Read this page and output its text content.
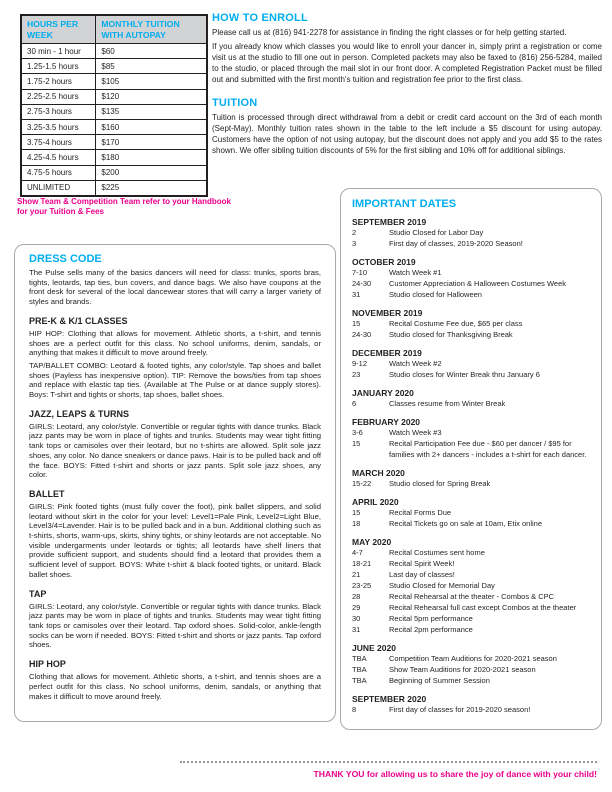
HOURS PER WEEK	MONTHLY TUITION WITH AUTOPAY
30 min - 1 hour	$60
1.25-1.5 hours	$85
1.75-2 hours	$105
2.25-2.5 hours	$120
2.75-3 hours	$135
3.25-3.5 hours	$160
3.75-4 hours	$170
4.25-4.5 hours	$180
4.75-5 hours	$200
UNLIMITED	$225
Show Team & Competition Team refer to your Handbook for your Tuition & Fees
HOW TO ENROLL

Please call us at (816) 941-2278 for assistance in finding the right classes or for help getting started.

If you already know which classes you would like to enroll your dancer in, simply print a registration or come visit us at the studio to fill one out in person. Completed packets may also be faxed to (816) 256-5284, mailed to the studio, or placed through the mail slot in our front door. A completed Registration Packet must be filled out and submitted with the first month's tuition and registration fee prior to the first class.

TUITION

Tuition is processed through direct withdrawal from a debit or credit card account on the 3rd of each month (Sept-May). Monthly tuition rates shown in the table to the left include a $5 discount for using autopay. Customers have the option of not using autopay, but the discount does not apply and you add $5 to the rates shown. We offer sibling tuition discounts of 5% for the first sibling and 10% off for additional siblings.

IMPORTANT DATES
SEPTEMBER 2019
2	Studio Closed for Labor Day
3	First day of classes, 2019-2020 Season!
OCTOBER 2019
7-10	Watch Week #1
24-30	Customer Appreciation & Halloween Costumes Week
31	Studio closed for Halloween
NOVEMBER 2019
15	Recital Costume Fee due, $65 per class
24-30	Studio closed for Thanksgiving Break
DECEMBER 2019
9-12	Watch Week #2
23	Studio closes for Winter Break thru January 6
JANUARY 2020
6	Classes resume from Winter Break
FEBRUARY 2020
3-6	Watch Week #3
15	Recital Participation Fee due - $60 per dancer / $95 for families with 2+ dancers - includes a t-shirt for each dancer.
MARCH 2020
15-22	Studio closed for Spring Break
APRIL 2020
15	Recital Forms Due
18	Recital Tickets go on sale at 10am, Etix online
MAY 2020
4-7	Recital Costumes sent home
18-21	Recital Spirit Week!
21	Last day of classes!
23-25	Studio Closed for Memorial Day
28	Recital Rehearsal at the theater - Combos & CPC
29	Recital Rehearsal full cast except Combos at the theater
30	Recital 5pm performance
31	Recital 2pm performance
JUNE 2020
TBA	Competition Team Auditions for 2020-2021 season
TBA	Show Team Auditions for 2020-2021 season
TBA	Beginning of Summer Session
SEPTEMBER 2020
8	First day of classes for 2019-2020 season!
DRESS CODE

The Pulse sells many of the basics dancers will need for class: trunks, sports bras, tights, leotards, tap ties, bun covers, and dance bags. We also have coupons at the front desk for several of the local dancewear stores that will carry a larger variety of styles and brands.

PRE-K & K/1 CLASSES

HIP HOP: Clothing that allows for movement. Athletic shorts, a t-shirt, and tennis shoes are a perfect outfit for this class. No school uniforms, denim, sandals, or anything that makes it difficult to move around freely.

TAP/BALLET COMBO: Leotard & footed tights, any color/style. Tap shoes and ballet shoes (Payless has inexpensive option). TIP: Remove the bows/ties from tap shoes and replace with elastic tap ties. (Available at The Pulse or at dance supply stores). Boys: T-shirt and tights or shorts, tap shoes, ballet shoes.

JAZZ, LEAPS & TURNS

GIRLS: Leotard, any color/style. Convertible or regular tights with dance trunks. Black jazz pants may be worn in place of tights and trunks. Students may wear tight fitting tank tops or camisoles over their leotard, but no t-shirts are allowed. Split sole jazz shoes, any color. No dance sneakers or dance paws. Hair is to be pulled back and off the face. BOYS: Fitted t-shirt and shorts or jazz pants. Split sole jazz shoes, any color.

BALLET

GIRLS: Pink footed tights (must fully cover the foot), pink ballet slippers, and solid leotard without skirt in the color for your level: Level1=Pale Pink, Level2=Light Blue, Level3/4=Lavender. Hair is to be pulled back and in a bun. Additional clothing such as t-shirts, shorts, warm-ups, skirts, shiny tights, or shiny leotards are not acceptable. No visible undergarments under leotards or tights; all leotards have shelf liners that provide sufficient support, and students should find a leotard that provides them a sufficient level of support. BOYS: White t-shirt & black footed tights, or unitard. Black ballet shoes.

TAP

GIRLS: Leotard, any color/style. Convertible or regular tights with dance trunks. Black jazz pants may be worn in place of tights and trunks. Students may wear tight fitting tank tops or camisoles over their leotard. Tap oxford shoes. Solid-color, ankle-length socks can be worn if needed. BOYS: Fitted t-shirt and shorts or jazz pants. Tap oxford shoes.

HIP HOP

Clothing that allows for movement. Athletic shorts, a t-shirt, and tennis shoes are a perfect outfit for this class. No school uniforms, denim, sandals, or anything that makes it difficult to move around freely.

THANK YOU for allowing us to share the joy of dance with your child!
